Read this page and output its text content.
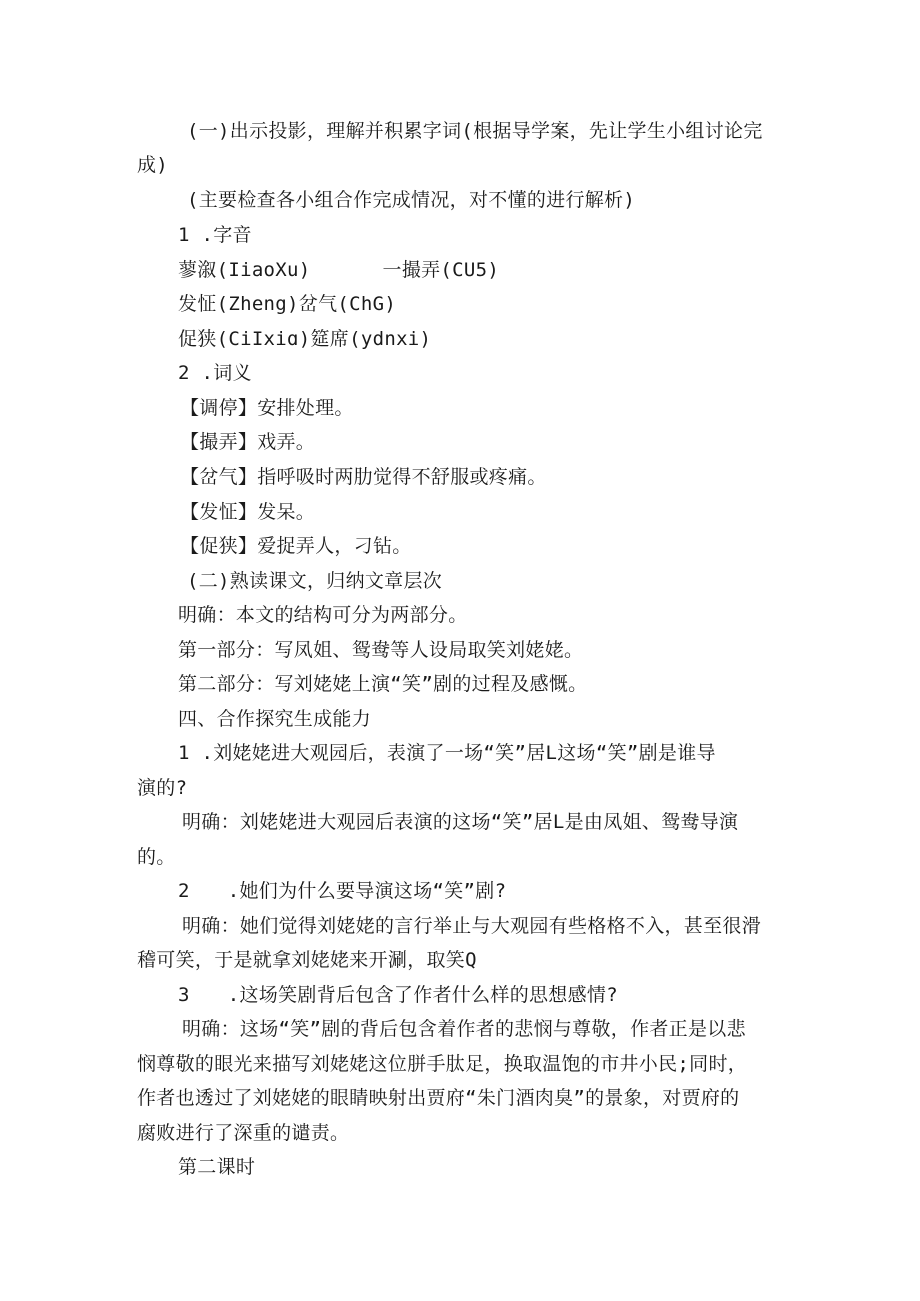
(一)出示投影，理解并积累字词(根据导学案，先让学生小组讨论完
成)
(主要检查各小组合作完成情况，对不懂的进行解析)
1 .字音
蓼溆(IiaoXu)	一撮弄(CU5)
发怔(Zheng)岔气(ChG)
促狭(CiIxiɑ)筵席(ydnxi)
2 .词义
【调停】安排处理。
【撮弄】戏弄。
【岔气】指呼吸时两肋觉得不舒服或疼痛。
【发怔】发呆。
【促狭】爱捉弄人，刁钻。
(二)熟读课文，归纳文章层次
明确：本文的结构可分为两部分。
第一部分：写凤姐、鸳鸯等人设局取笑刘姥姥。
第二部分：写刘姥姥上演“笑”剧的过程及感慨。
四、合作探究生成能力
1 .刘姥姥进大观园后，表演了一场“笑”居L这场“笑”剧是谁导
演的?
明确：刘姥姥进大观园后表演的这场“笑”居L是由凤姐、鸳鸯导演
的。
2 .她们为什么要导演这场“笑”剧?
明确：她们觉得刘姥姥的言行举止与大观园有些格格不入，甚至很滑
稽可笑，于是就拿刘姥姥来开涮，取笑Q
3 .这场笑剧背后包含了作者什么样的思想感情?
明确：这场“笑”剧的背后包含着作者的悲悯与尊敬，作者正是以悲
悯尊敬的眼光来描写刘姥姥这位胼手肽足，换取温饱的市井小民;同时，
作者也透过了刘姥姥的眼睛映射出贾府“朱门酒肉臭”的景象，对贾府的
腐败进行了深重的谴责。
第二课时
